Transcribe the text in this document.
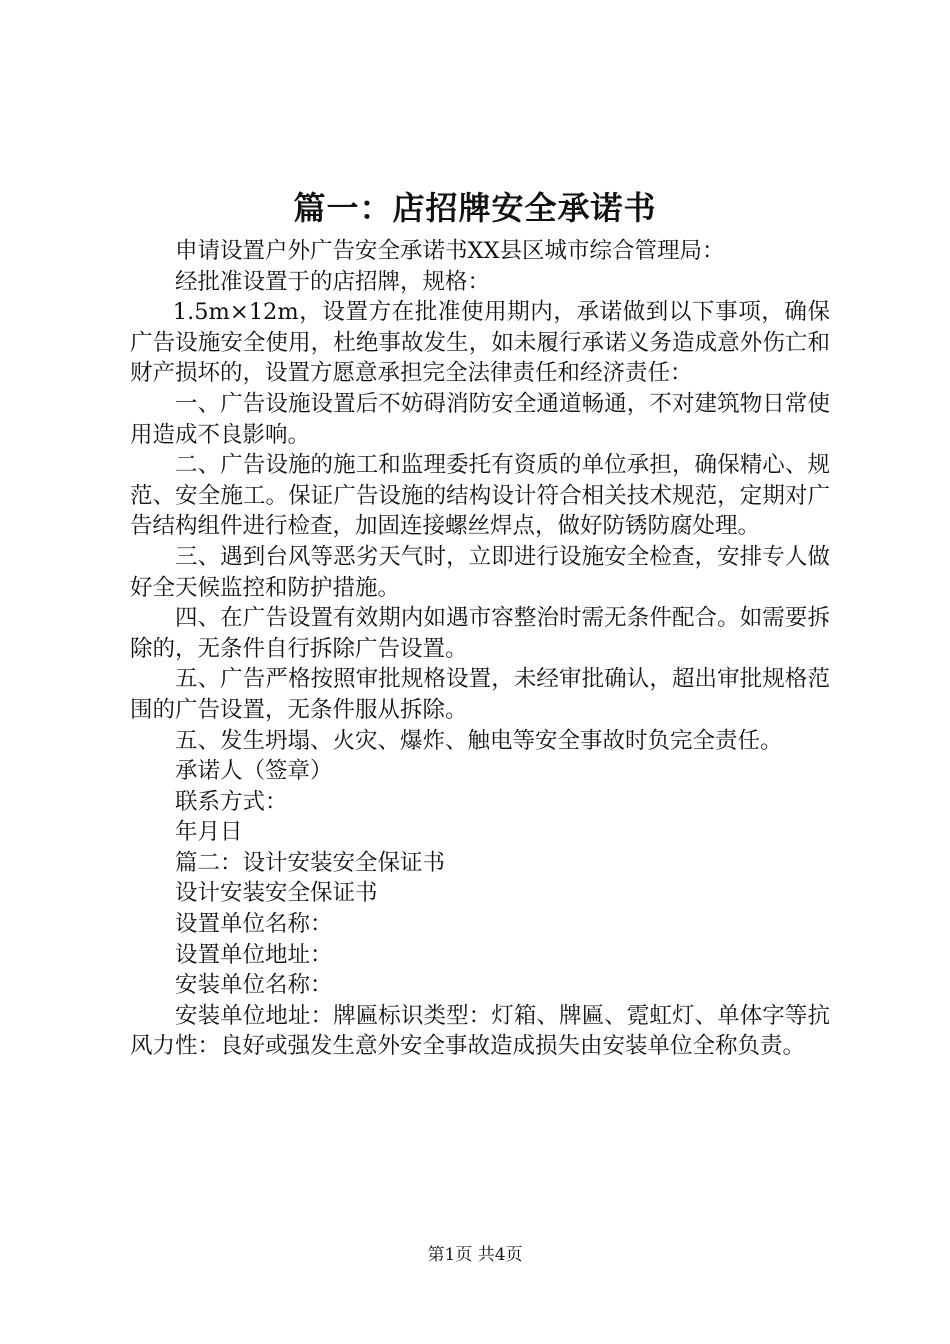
篇一：店招牌安全承诺书

申请设置户外广告安全承诺书XX县区城市综合管理局：

经批准设置于的店招牌，规格：

1.5m×12m，设置方在批准使用期内，承诺做到以下事项，确保广告设施安全使用，杜绝事故发生，如未履行承诺义务造成意外伤亡和财产损坏的，设置方愿意承担完全法律责任和经济责任：

一、广告设施设置后不妨碍消防安全通道畅通，不对建筑物日常使用造成不良影响。

二、广告设施的施工和监理委托有资质的单位承担，确保精心、规范、安全施工。保证广告设施的结构设计符合相关技术规范，定期对广告结构组件进行检查，加固连接螺丝焊点，做好防锈防腐处理。

三、遇到台风等恶劣天气时，立即进行设施安全检查，安排专人做好全天候监控和防护措施。

四、在广告设置有效期内如遇市容整治时需无条件配合。如需要拆除的，无条件自行拆除广告设置。

五、广告严格按照审批规格设置，未经审批确认，超出审批规格范围的广告设置，无条件服从拆除。

五、发生坍塌、火灾、爆炸、触电等安全事故时负完全责任。

承诺人（签章）

联系方式：

年月日

篇二：设计安装安全保证书

设计安装安全保证书

设置单位名称：

设置单位地址：

安装单位名称：

安装单位地址：牌匾标识类型：灯箱、牌匾、霓虹灯、单体字等抗风力性：良好或强发生意外安全事故造成损失由安装单位全称负责。

第1页 共4页
